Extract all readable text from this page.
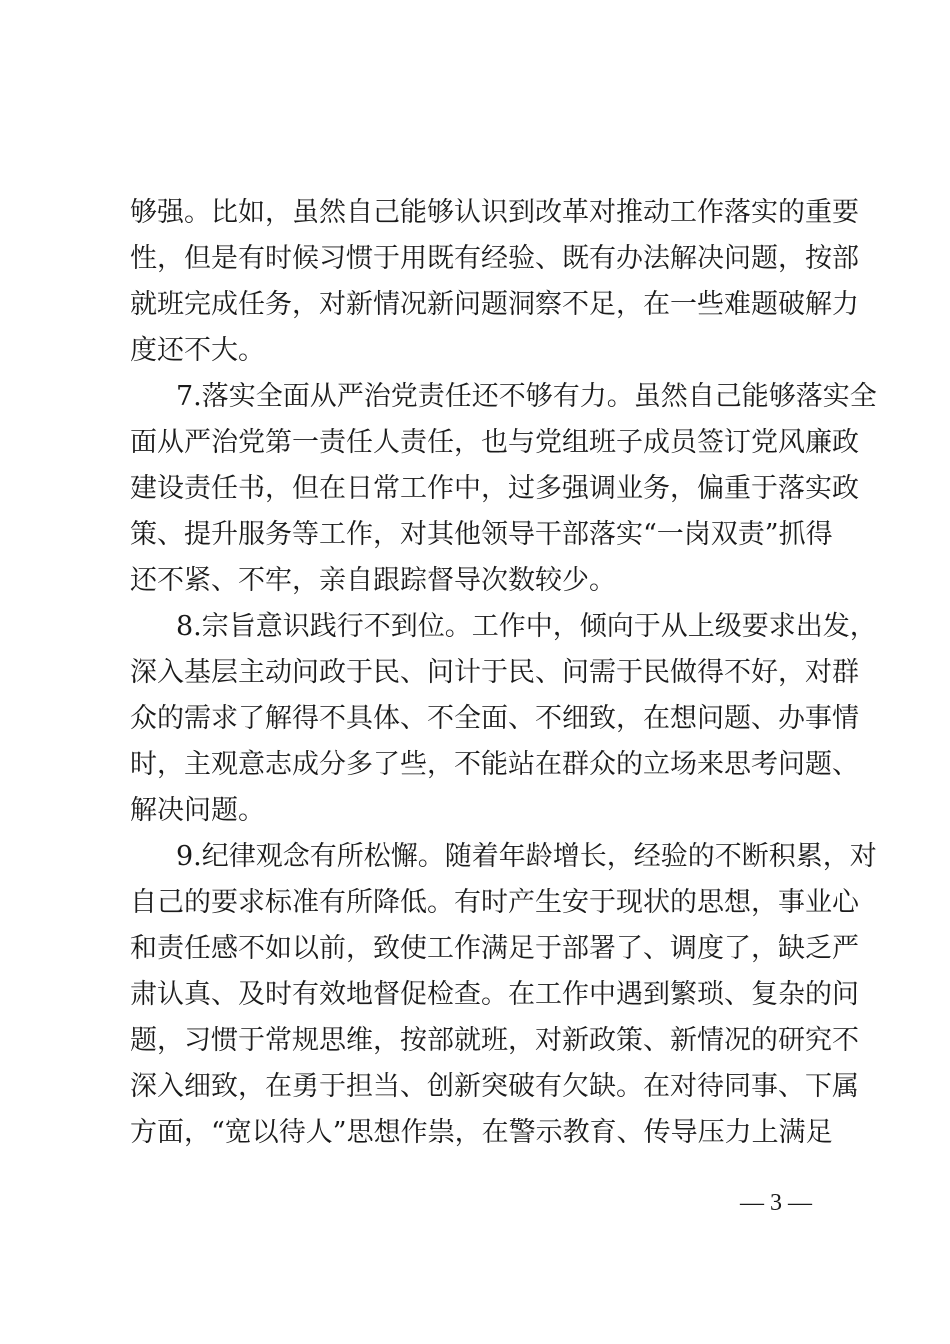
够强。比如，虽然自己能够认识到改革对推动工作落实的重要
性，但是有时候习惯于用既有经验、既有办法解决问题，按部
就班完成任务，对新情况新问题洞察不足，在一些难题破解力
度还不大。
7.落实全面从严治党责任还不够有力。虽然自己能够落实全
面从严治党第一责任人责任，也与党组班子成员签订党风廉政
建设责任书，但在日常工作中，过多强调业务，偏重于落实政
策、提升服务等工作，对其他领导干部落实“一岗双责”抓得
还不紧、不牢，亲自跟踪督导次数较少。
8.宗旨意识践行不到位。工作中，倾向于从上级要求出发，
深入基层主动问政于民、问计于民、问需于民做得不好，对群
众的需求了解得不具体、不全面、不细致，在想问题、办事情
时，主观意志成分多了些，不能站在群众的立场来思考问题、
解决问题。
9.纪律观念有所松懈。随着年龄增长，经验的不断积累，对
自己的要求标准有所降低。有时产生安于现状的思想，事业心
和责任感不如以前，致使工作满足于部署了、调度了，缺乏严
肃认真、及时有效地督促检查。在工作中遇到繁琐、复杂的问
题，习惯于常规思维，按部就班，对新政策、新情况的研究不
深入细致，在勇于担当、创新突破有欠缺。在对待同事、下属
方面，“宽以待人”思想作祟，在警示教育、传导压力上满足
— 3 —
